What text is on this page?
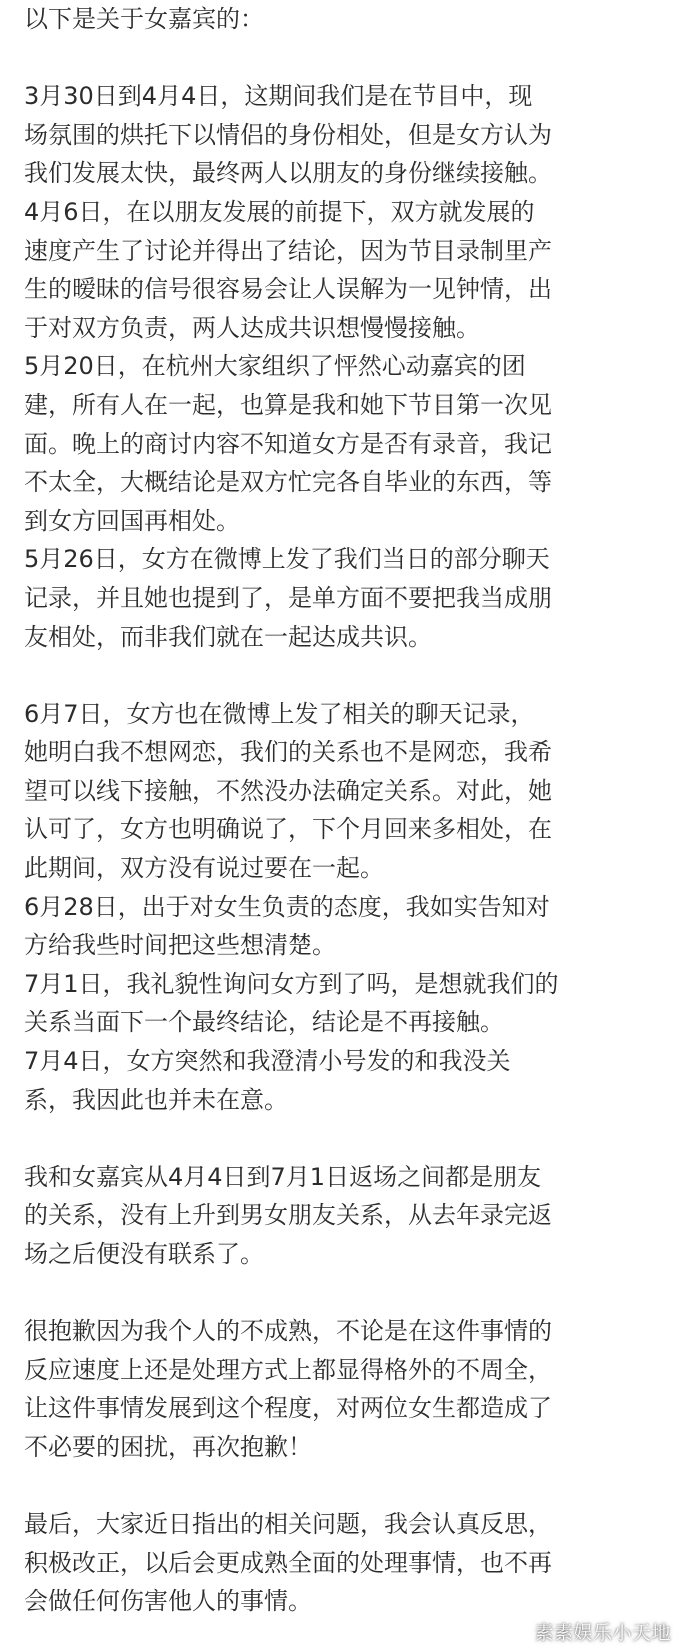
以下是关于女嘉宾的：
3月30日到4月4日，这期间我们是在节目中，现
场氛围的烘托下以情侣的身份相处，但是女方认为
我们发展太快，最终两人以朋友的身份继续接触。
4月6日，在以朋友发展的前提下，双方就发展的
速度产生了讨论并得出了结论，因为节目录制里产
生的暧昧的信号很容易会让人误解为一见钟情，出
于对双方负责，两人达成共识想慢慢接触。
5月20日，在杭州大家组织了怦然心动嘉宾的团
建，所有人在一起，也算是我和她下节目第一次见
面。晚上的商讨内容不知道女方是否有录音，我记
不太全，大概结论是双方忙完各自毕业的东西，等
到女方回国再相处。
5月26日，女方在微博上发了我们当日的部分聊天
记录，并且她也提到了，是单方面不要把我当成朋
友相处，而非我们就在一起达成共识。
6月7日，女方也在微博上发了相关的聊天记录，
她明白我不想网恋，我们的关系也不是网恋，我希
望可以线下接触，不然没办法确定关系。对此，她
认可了，女方也明确说了，下个月回来多相处，在
此期间，双方没有说过要在一起。
6月28日，出于对女生负责的态度，我如实告知对
方给我些时间把这些想清楚。
7月1日，我礼貌性询问女方到了吗，是想就我们的
关系当面下一个最终结论，结论是不再接触。
7月4日，女方突然和我澄清小号发的和我没关
系，我因此也并未在意。
我和女嘉宾从4月4日到7月1日返场之间都是朋友
的关系，没有上升到男女朋友关系，从去年录完返
场之后便没有联系了。
很抱歉因为我个人的不成熟，不论是在这件事情的
反应速度上还是处理方式上都显得格外的不周全，
让这件事情发展到这个程度，对两位女生都造成了
不必要的困扰，再次抱歉！
最后，大家近日指出的相关问题，我会认真反思，
积极改正，以后会更成熟全面的处理事情，也不再
会做任何伤害他人的事情。
素素娱乐小天地
